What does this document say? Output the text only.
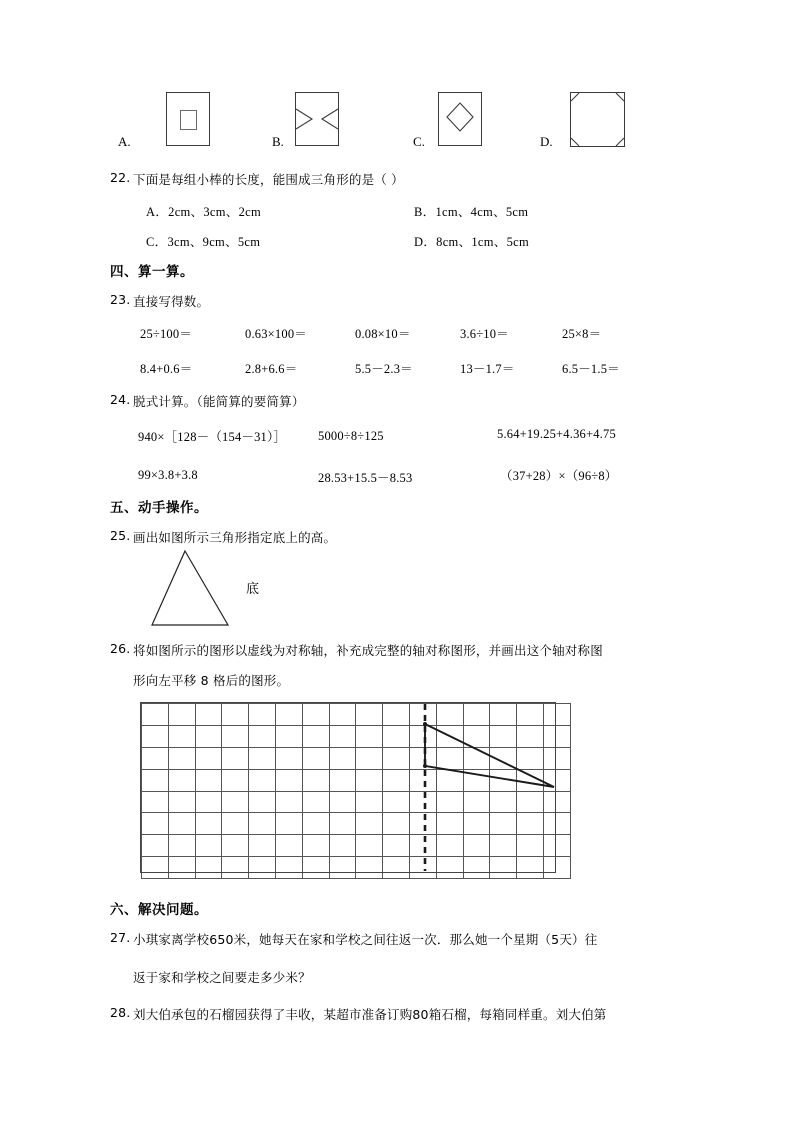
A.	B.	C.	D.
22. 下面是每组小棒的长度，能围成三角形的是（ ）
A．2cm、3cm、2cm	B．1cm、4cm、5cm
C．3cm、9cm、5cm	D．8cm、1cm、5cm
四、算一算。
23. 直接写得数。
25÷100＝	0.63×100＝	0.08×10＝	3.6÷10＝	25×8＝
8.4+0.6＝	2.8+6.6＝	5.5－2.3＝	13－1.7＝	6.5－1.5＝
24. 脱式计算。（能简算的要简算）
940×［128－（154－31）］	5000÷8÷125	5.64+19.25+4.36+4.75
99×3.8+3.8	28.53+15.5－8.53	（37+28）×（96÷8）
五、动手操作。
25. 画出如图所示三角形指定底上的高。
底
26. 将如图所示的图形以虚线为对称轴，补充成完整的轴对称图形，并画出这个轴对称图
形向左平移 8 格后的图形。

六、解决问题。
27. 小琪家离学校650米，她每天在家和学校之间往返一次．那么她一个星期（5天）往
返于家和学校之间要走多少米？
28. 刘大伯承包的石榴园获得了丰收，某超市准备订购80箱石榴，每箱同样重。刘大伯第
